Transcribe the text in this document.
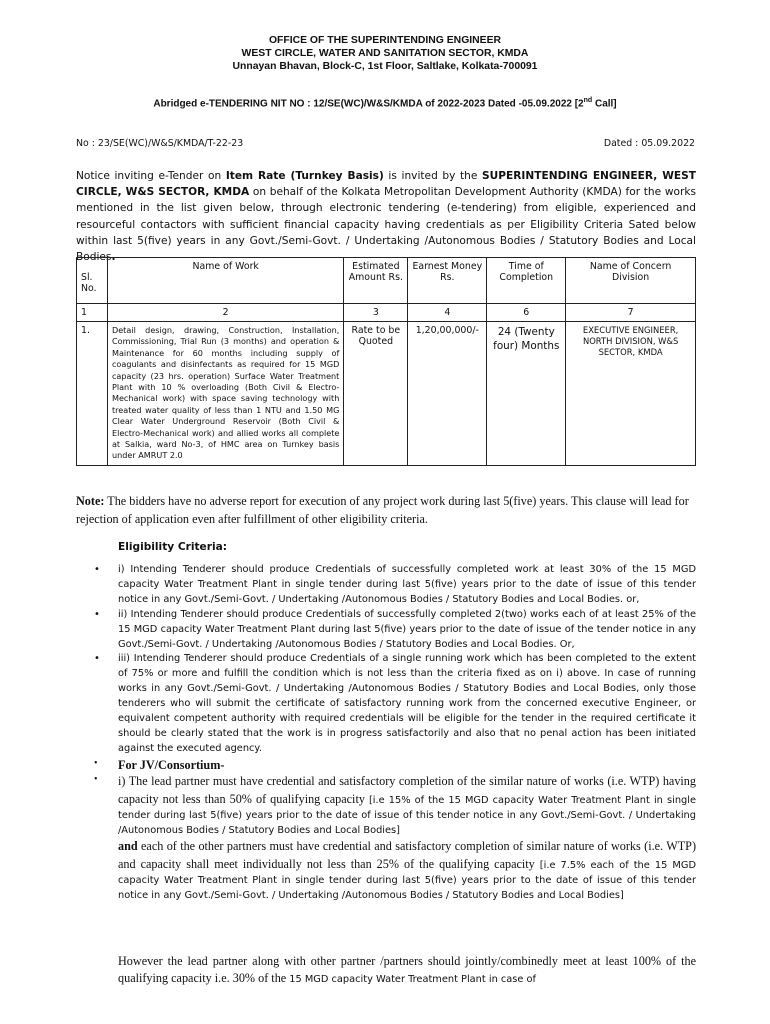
OFFICE OF THE SUPERINTENDING ENGINEER
WEST CIRCLE, WATER AND SANITATION SECTOR, KMDA
Unnayan Bhavan, Block-C, 1st Floor, Saltlake, Kolkata-700091
Abridged e-TENDERING NIT NO : 12/SE(WC)/W&S/KMDA of 2022-2023 Dated -05.09.2022 [2nd Call]
No : 23/SE(WC)/W&S/KMDA/T-22-23	Dated : 05.09.2022
Notice inviting e-Tender on Item Rate (Turnkey Basis) is invited by the SUPERINTENDING ENGINEER, WEST CIRCLE, W&S SECTOR, KMDA on behalf of the Kolkata Metropolitan Development Authority (KMDA) for the works mentioned in the list given below, through electronic tendering (e-tendering) from eligible, experienced and resourceful contactors with sufficient financial capacity having credentials as per Eligibility Criteria Sated below within last 5(five) years in any Govt./Semi-Govt. / Undertaking /Autonomous Bodies / Statutory Bodies and Local Bodies.
Sl. No.	Name of Work	Estimated Amount Rs.	Earnest Money Rs.	Time of Completion	Name of Concern Division
1	2	3	4	6	7
1.	Detail design, drawing, Construction, Installation, Commissioning, Trial Run (3 months) and operation & Maintenance for 60 months including supply of coagulants and disinfectants as required for 15 MGD capacity (23 hrs. operation) Surface Water Treatment Plant with 10 % overloading (Both Civil & Electro-Mechanical work) with space saving technology with treated water quality of less than 1 NTU and 1.50 MG Clear Water Underground Reservoir (Both Civil & Electro-Mechanical work) and allied works all complete at Salkia, ward No-3, of HMC area on Turnkey basis under AMRUT 2.0	Rate to be Quoted	1,20,00,000/-	24 (Twenty four) Months	EXECUTIVE ENGINEER, NORTH DIVISION, W&S SECTOR, KMDA
Note: The bidders have no adverse report for execution of any project work during last 5(five) years. This clause will lead for rejection of application even after fulfillment of other eligibility criteria.
Eligibility Criteria:
•	i) Intending Tenderer should produce Credentials of successfully completed work at least 30% of the 15 MGD capacity Water Treatment Plant in single tender during last 5(five) years prior to the date of issue of this tender notice in any Govt./Semi-Govt. / Undertaking /Autonomous Bodies / Statutory Bodies and Local Bodies. or,
•	ii) Intending Tenderer should produce Credentials of successfully completed 2(two) works each of at least 25% of the 15 MGD capacity Water Treatment Plant during last 5(five) years prior to the date of issue of the tender notice in any Govt./Semi-Govt. / Undertaking /Autonomous Bodies / Statutory Bodies and Local Bodies. Or,
•	iii) Intending Tenderer should produce Credentials of a single running work which has been completed to the extent of 75% or more and fulfill the condition which is not less than the criteria fixed as on i) above. In case of running works in any Govt./Semi-Govt. / Undertaking /Autonomous Bodies / Statutory Bodies and Local Bodies, only those tenderers who will submit the certificate of satisfactory running work from the concerned executive Engineer, or equivalent competent authority with required credentials will be eligible for the tender in the required certificate it should be clearly stated that the work is in progress satisfactorily and also that no penal action has been initiated against the executed agency.
•	For JV/Consortium-
•	i) The lead partner must have credential and satisfactory completion of the similar nature of works (i.e. WTP) having capacity not less than 50% of qualifying capacity [i.e 15% of the 15 MGD capacity Water Treatment Plant in single tender during last 5(five) years prior to the date of issue of this tender notice in any Govt./Semi-Govt. / Undertaking /Autonomous Bodies / Statutory Bodies and Local Bodies]
and each of the other partners must have credential and satisfactory completion of similar nature of works (i.e. WTP) and capacity shall meet individually not less than 25% of the qualifying capacity [i.e 7.5% each of the 15 MGD capacity Water Treatment Plant in single tender during last 5(five) years prior to the date of issue of this tender notice in any Govt./Semi-Govt. / Undertaking /Autonomous Bodies / Statutory Bodies and Local Bodies]
However the lead partner along with other partner /partners should jointly/combinedly meet at least 100% of the qualifying capacity i.e. 30% of the 15 MGD capacity Water Treatment Plant in case of
